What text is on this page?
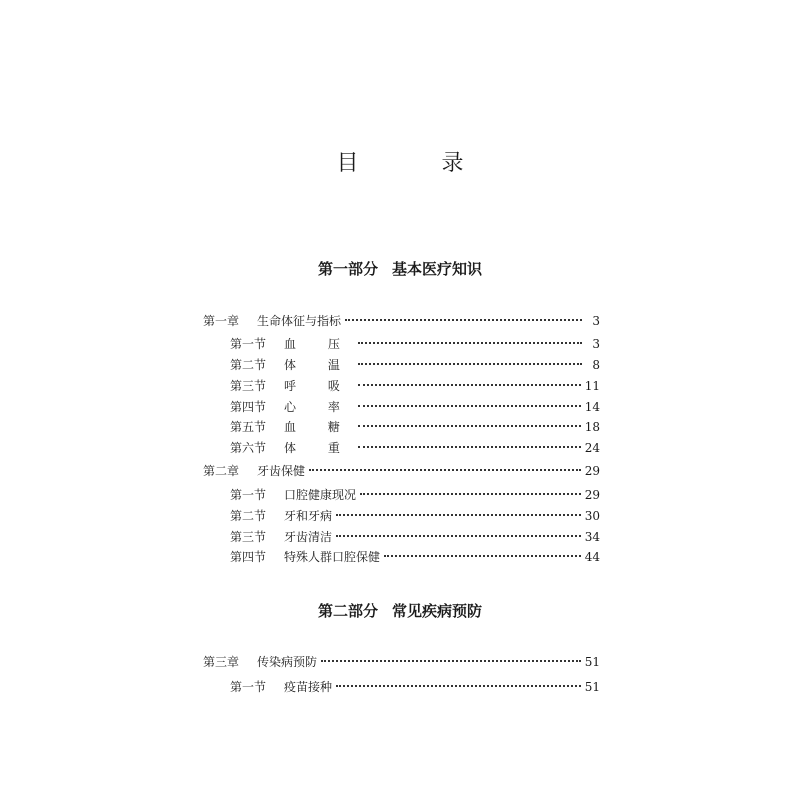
目 录
第一部分 基本医疗知识
第一章	生命体征与指标	3
第一节	血 压	3
第二节	体 温	8
第三节	呼 吸	11
第四节	心 率	14
第五节	血 糖	18
第六节	体 重	24
第二章	牙齿保健	29
第一节	口腔健康现况	29
第二节	牙和牙病	30
第三节	牙齿清洁	34
第四节	特殊人群口腔保健	44
第二部分 常见疾病预防
第三章	传染病预防	51
第一节	疫苗接种	51
